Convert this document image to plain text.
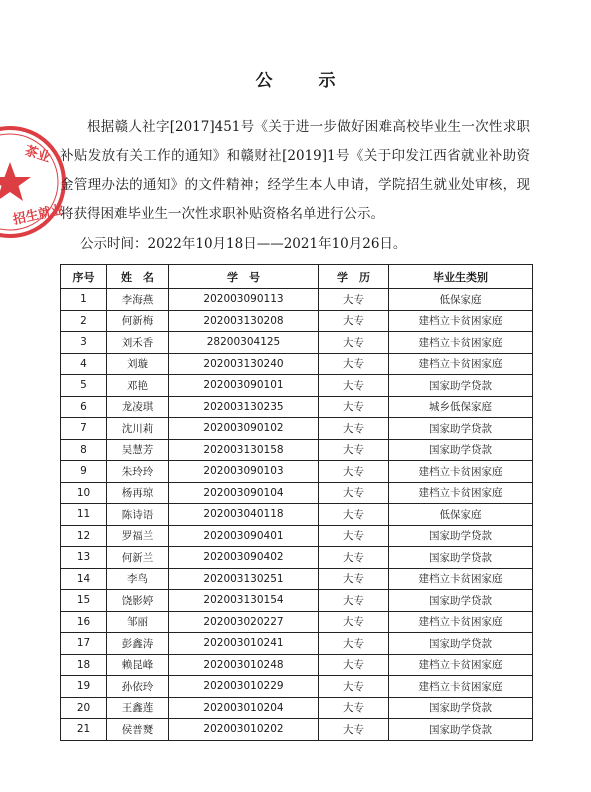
公 示
茶业
招生就业
根据赣人社字[2017]451号《关于进一步做好困难高校毕业生一次性求职补贴发放有关工作的通知》和赣财社[2019]1号《关于印发江西省就业补助资金管理办法的通知》的文件精神；经学生本人申请，学院招生就业处审核，现将获得困难毕业生一次性求职补贴资格名单进行公示。
公示时间：2022年10月18日——2021年10月26日。
序号	姓　名	学　号	学　历	毕业生类别
1	李海燕	202003090113	大专	低保家庭
2	何新梅	202003130208	大专	建档立卡贫困家庭
3	刘禾香	28200304125	大专	建档立卡贫困家庭
4	刘璇	202003130240	大专	建档立卡贫困家庭
5	邓艳	202003090101	大专	国家助学贷款
6	龙凌琪	202003130235	大专	城乡低保家庭
7	沈川莉	202003090102	大专	国家助学贷款
8	吴慧芳	202003130158	大专	国家助学贷款
9	朱玲玲	202003090103	大专	建档立卡贫困家庭
10	杨再琼	202003090104	大专	建档立卡贫困家庭
11	陈诗语	202003040118	大专	低保家庭
12	罗福兰	202003090401	大专	国家助学贷款
13	何新兰	202003090402	大专	国家助学贷款
14	李鸟	202003130251	大专	建档立卡贫困家庭
15	饶影婷	202003130154	大专	国家助学贷款
16	邹丽	202003020227	大专	建档立卡贫困家庭
17	彭鑫涛	202003010241	大专	国家助学贷款
18	赖昆峰	202003010248	大专	建档立卡贫困家庭
19	孙依玲	202003010229	大专	建档立卡贫困家庭
20	王鑫莲	202003010204	大专	国家助学贷款
21	侯普燹	202003010202	大专	国家助学贷款
